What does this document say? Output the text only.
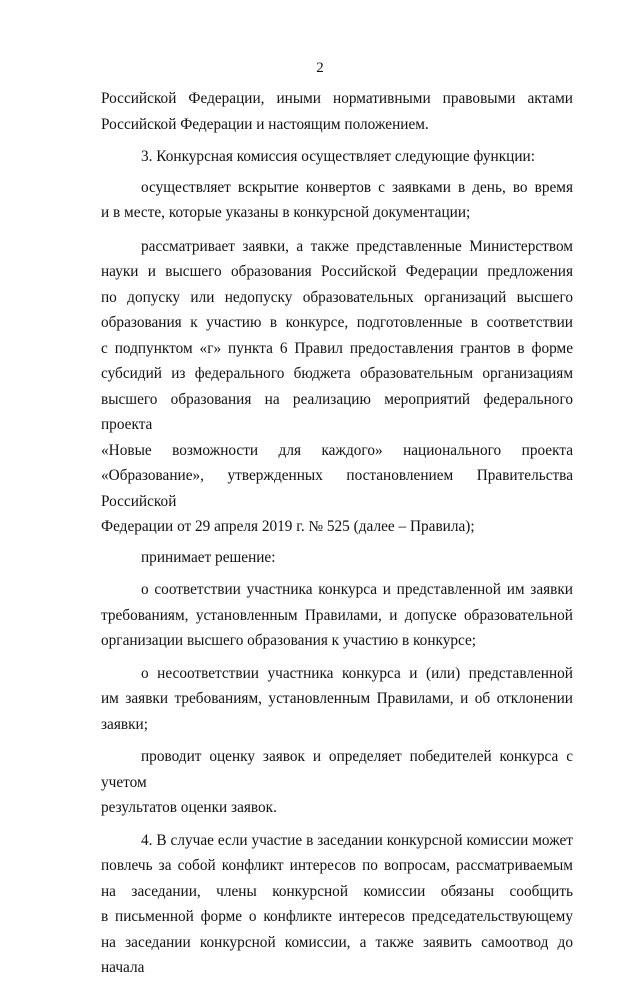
2
Российской Федерации, иными нормативными правовыми актами
Российской Федерации и настоящим положением.
3. Конкурсная комиссия осуществляет следующие функции:
осуществляет вскрытие конвертов с заявками в день, во время
и в месте, которые указаны в конкурсной документации;
рассматривает заявки, а также представленные Министерством
науки и высшего образования Российской Федерации предложения
по допуску или недопуску образовательных организаций высшего
образования к участию в конкурсе, подготовленные в соответствии
с подпунктом «г» пункта 6 Правил предоставления грантов в форме
субсидий из федерального бюджета образовательным организациям
высшего образования на реализацию мероприятий федерального проекта
«Новые возможности для каждого» национального проекта
«Образование», утвержденных постановлением Правительства Российской
Федерации от 29 апреля 2019 г. № 525 (далее – Правила);
принимает решение:
о соответствии участника конкурса и представленной им заявки
требованиям, установленным Правилами, и допуске образовательной
организации высшего образования к участию в конкурсе;
о несоответствии участника конкурса и (или) представленной
им заявки требованиям, установленным Правилами, и об отклонении
заявки;
проводит оценку заявок и определяет победителей конкурса с учетом
результатов оценки заявок.
4. В случае если участие в заседании конкурсной комиссии может
повлечь за собой конфликт интересов по вопросам, рассматриваемым
на заседании, члены конкурсной комиссии обязаны сообщить
в письменной форме о конфликте интересов председательствующему
на заседании конкурсной комиссии, а также заявить самоотвод до начала
